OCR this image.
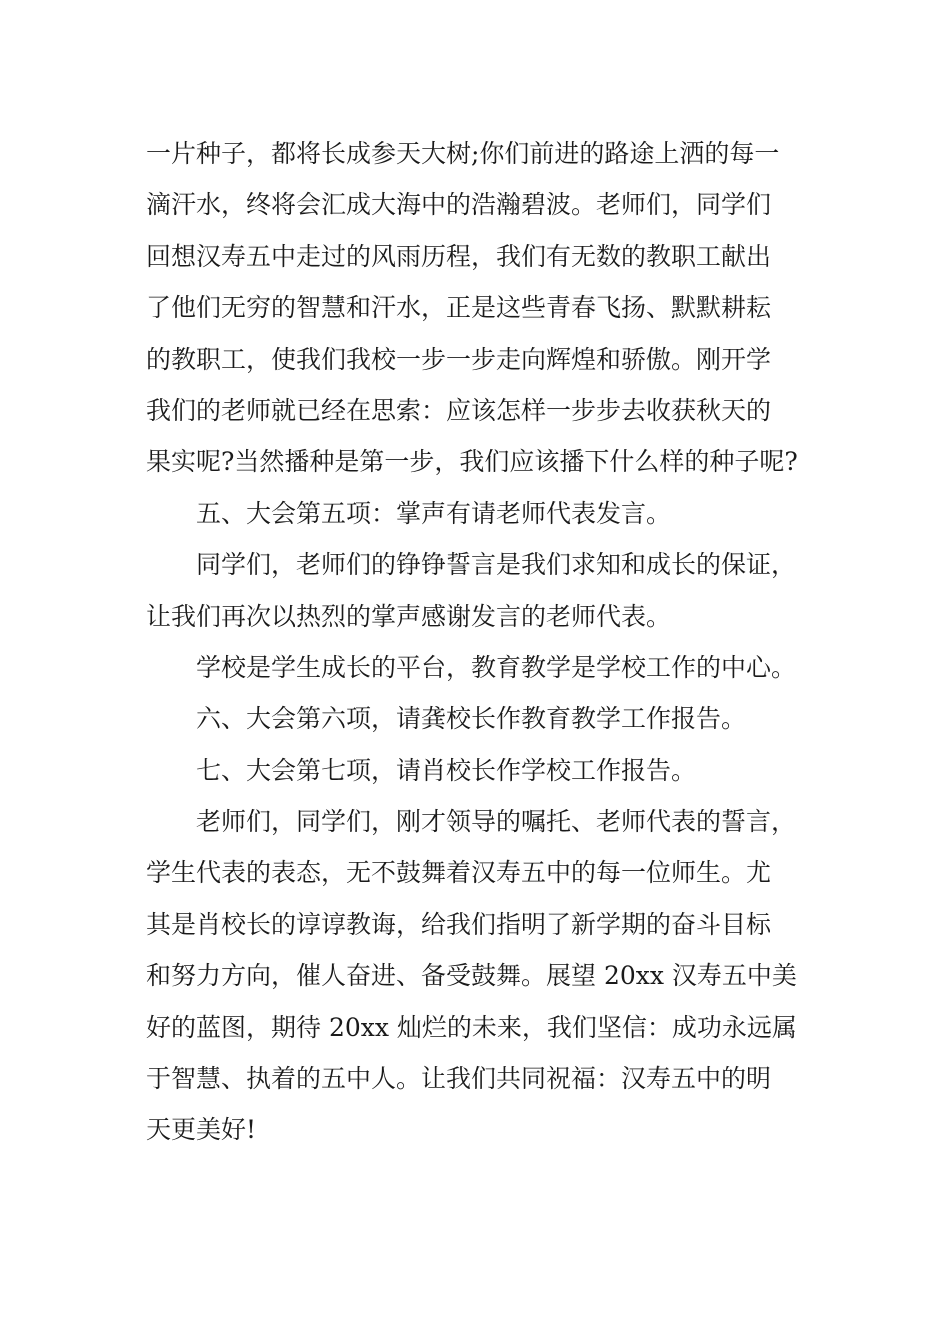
一片种子，都将长成参天大树;你们前进的路途上洒的每一
滴汗水，终将会汇成大海中的浩瀚碧波。老师们，同学们
回想汉寿五中走过的风雨历程，我们有无数的教职工献出
了他们无穷的智慧和汗水，正是这些青春飞扬、默默耕耘
的教职工，使我们我校一步一步走向辉煌和骄傲。刚开学
我们的老师就已经在思索：应该怎样一步步去收获秋天的
果实呢?当然播种是第一步，我们应该播下什么样的种子呢?
五、大会第五项：掌声有请老师代表发言。
同学们，老师们的铮铮誓言是我们求知和成长的保证，
让我们再次以热烈的掌声感谢发言的老师代表。
学校是学生成长的平台，教育教学是学校工作的中心。
六、大会第六项，请龚校长作教育教学工作报告。
七、大会第七项，请肖校长作学校工作报告。
老师们，同学们，刚才领导的嘱托、老师代表的誓言，
学生代表的表态，无不鼓舞着汉寿五中的每一位师生。尤
其是肖校长的谆谆教诲，给我们指明了新学期的奋斗目标
和努力方向，催人奋进、备受鼓舞。展望 20xx 汉寿五中美
好的蓝图，期待 20xx 灿烂的未来，我们坚信：成功永远属
于智慧、执着的五中人。让我们共同祝福：汉寿五中的明
天更美好!
